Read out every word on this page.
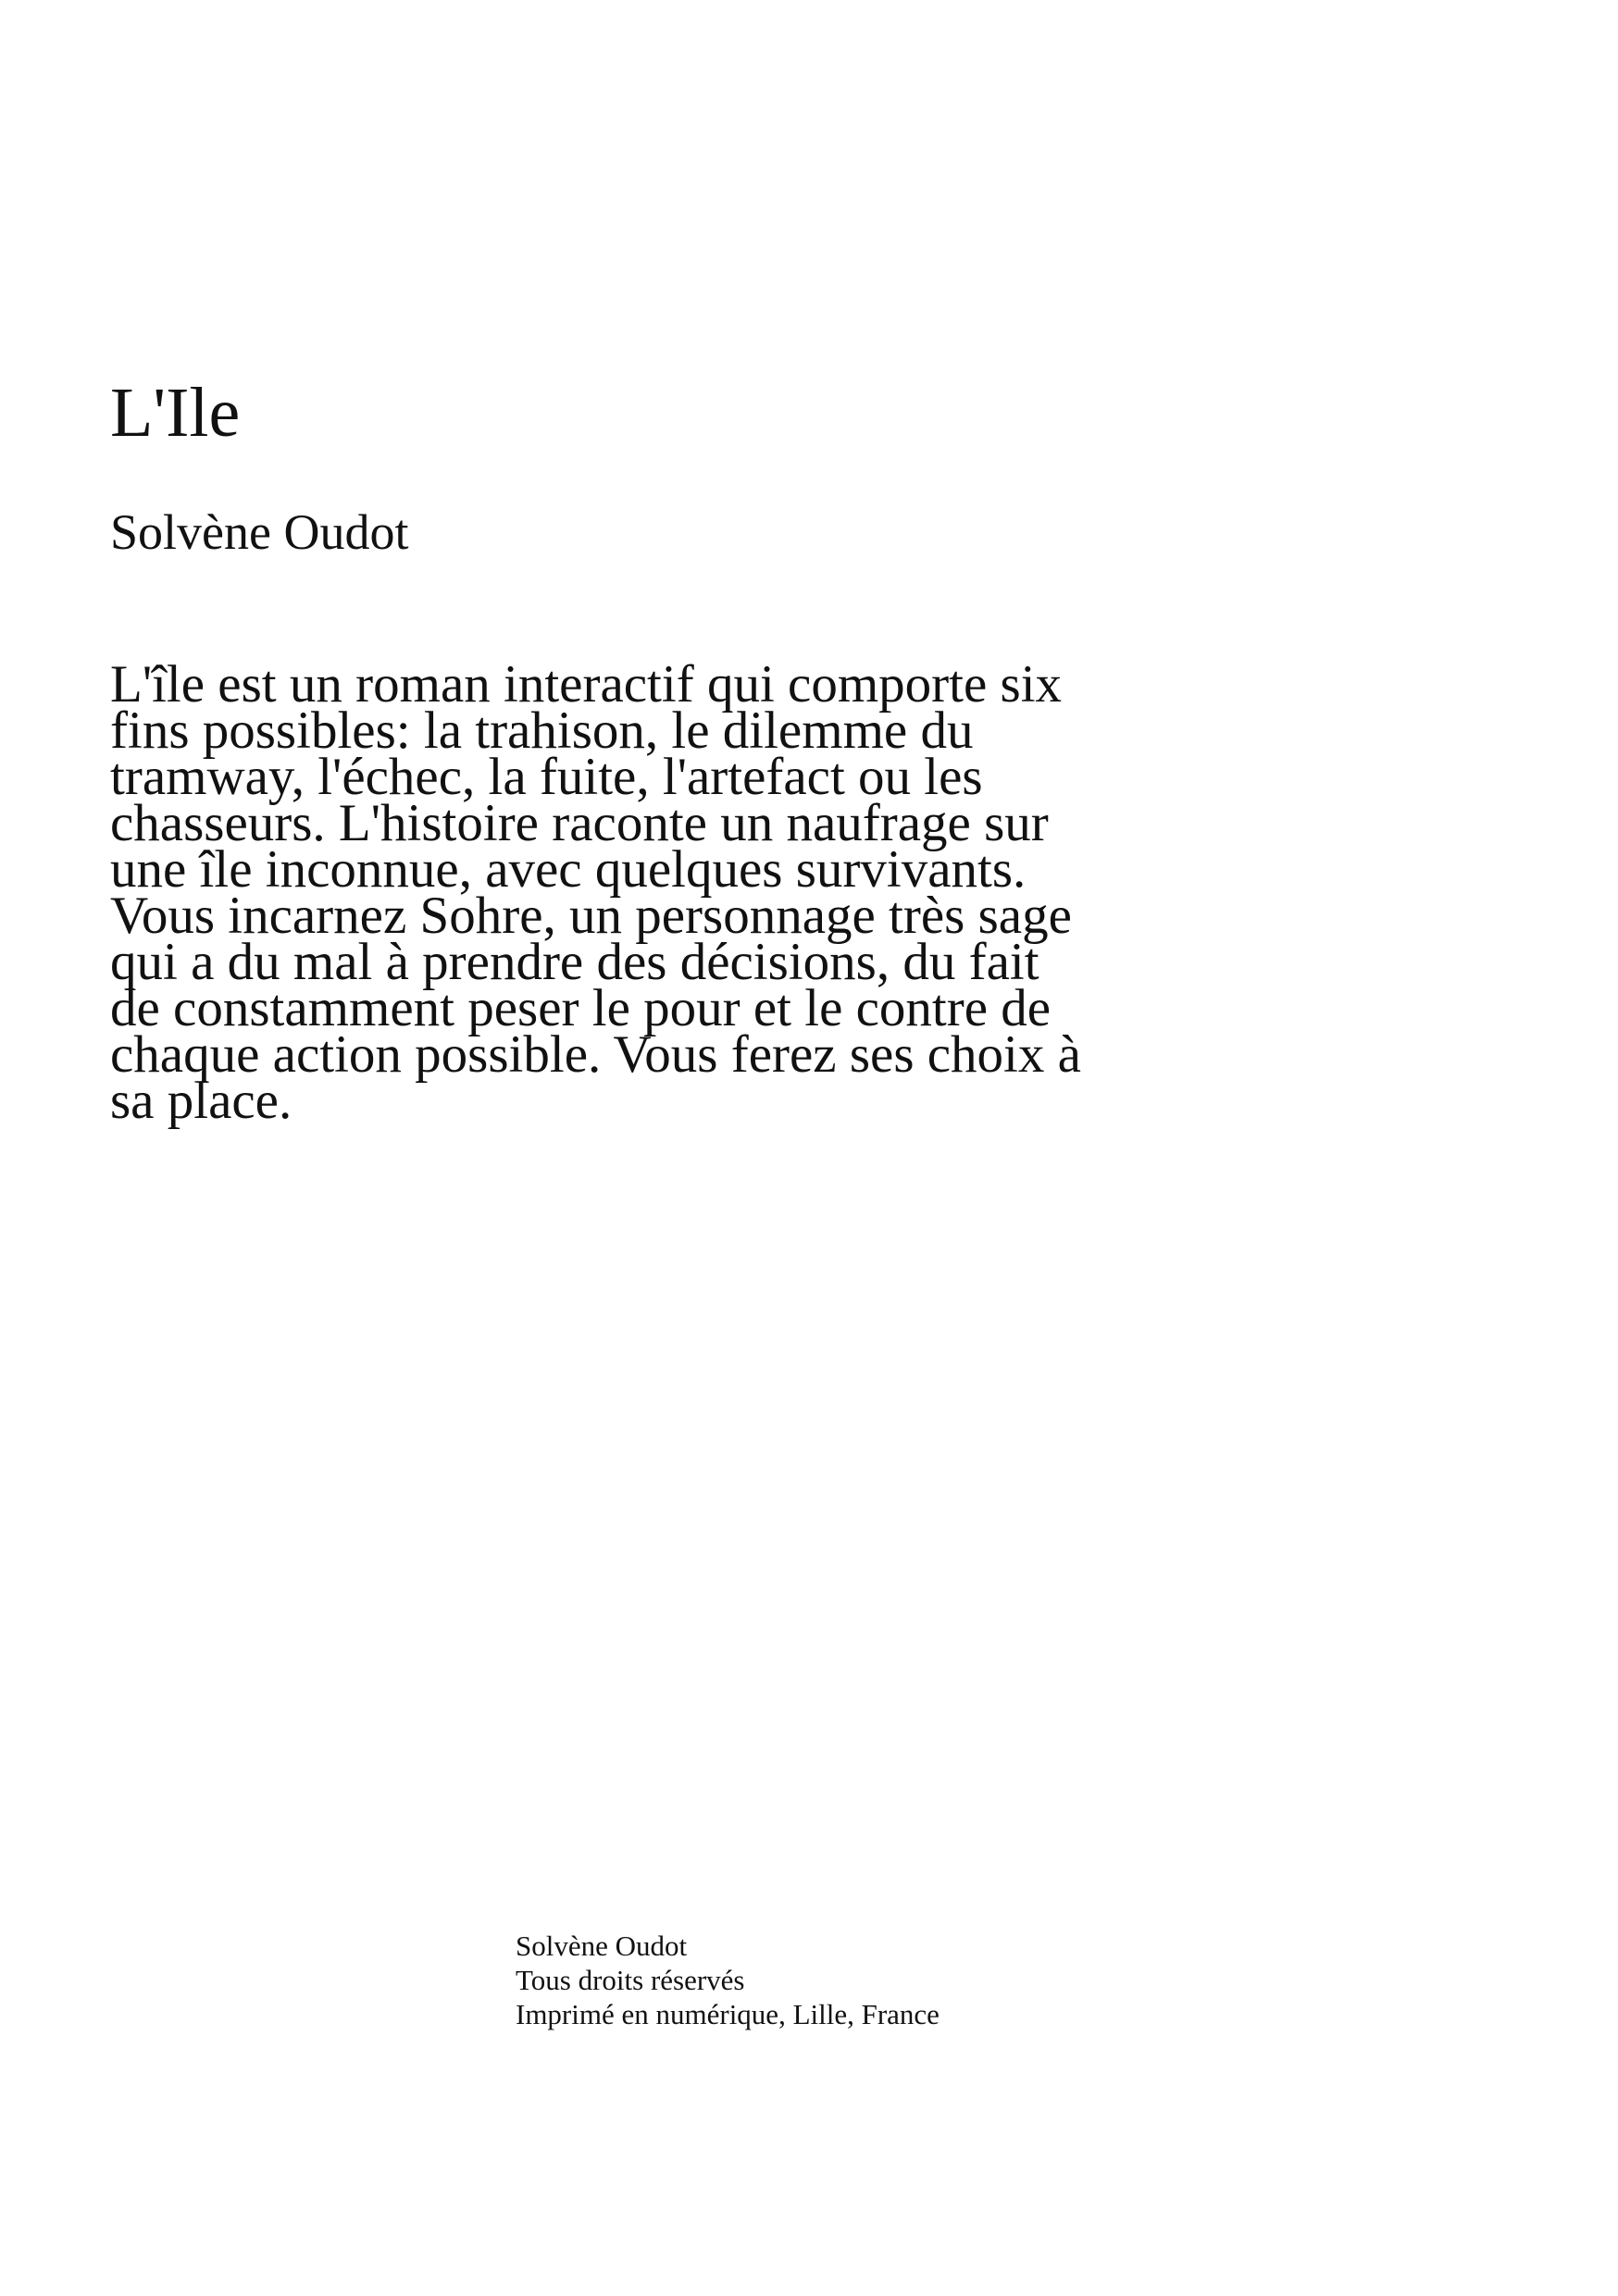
L'Ile
Solvène Oudot

L'île est un roman interactif qui comporte six
fins possibles: la trahison, le dilemme du
tramway, l'échec, la fuite, l'artefact ou les
chasseurs. L'histoire raconte un naufrage sur
une île inconnue, avec quelques survivants.
Vous incarnez Sohre, un personnage très sage
qui a du mal à prendre des décisions, du fait
de constamment peser le pour et le contre de
chaque action possible. Vous ferez ses choix à
sa place.

Solvène Oudot
Tous droits réservés
Imprimé en numérique, Lille, France
